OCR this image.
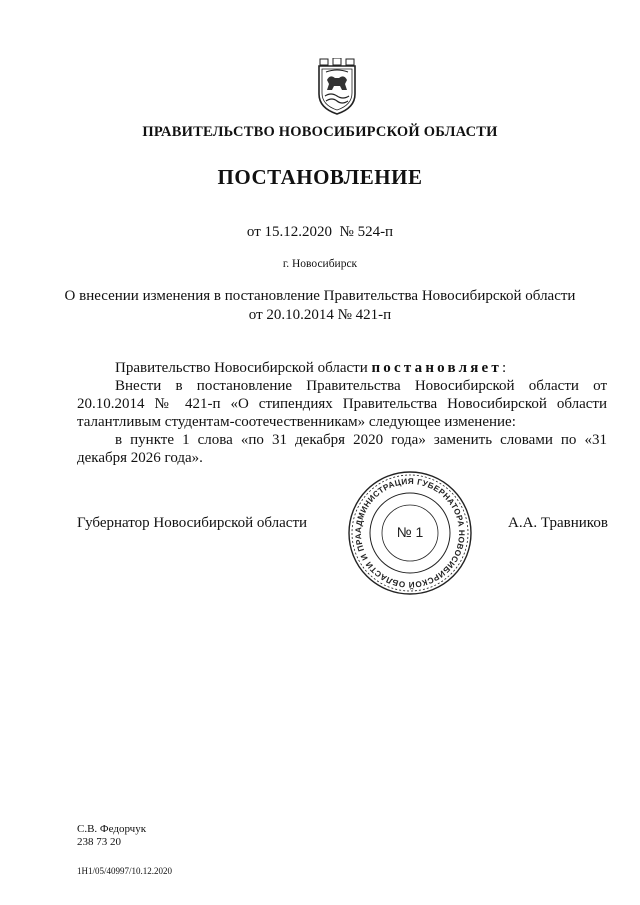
ПРАВИТЕЛЬСТВО НОВОСИБИРСКОЙ ОБЛАСТИ
ПОСТАНОВЛЕНИЕ
от 15.12.2020 № 524-п
г. Новосибирск
О внесении изменения в постановление Правительства Новосибирской области
от 20.10.2014 № 421-п
Правительство Новосибирской области постановляет:
Внести в постановление Правительства Новосибирской области от 20.10.2014 № 421-п «О стипендиях Правительства Новосибирской области талантливым студентам-соотечественникам» следующее изменение:
в пункте 1 слова «по 31 декабря 2020 года» заменить словами по «31 декабря 2026 года».
Губернатор Новосибирской области	А.А. Травников
АДМИНИСТРАЦИЯ ГУБЕРНАТОРА НОВОСИБИРСКОЙ ОБЛАСТИ И ПРА	№ 1
С.В. Федорчук
238 73 20
1Н1/05/40997/10.12.2020
